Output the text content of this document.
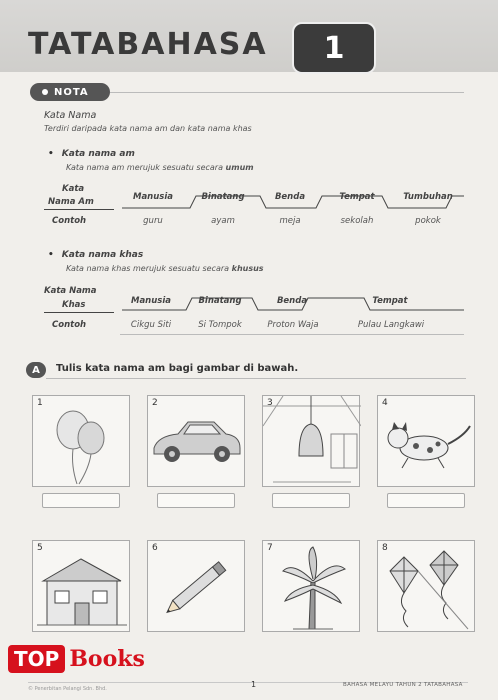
TATABAHASA	1
NOTA
Kata Nama
Terdiri daripada kata nama am dan kata nama khas
• Kata nama am
Kata nama am merujuk sesuatu secara umum
Kata
Nama Am
Contoh
Manusia	Binatang	Benda	Tempat	Tumbuhan
guru	ayam	meja	sekolah	pokok
• Kata nama khas
Kata nama khas merujuk sesuatu secara khusus
Kata Nama
Khas
Contoh
Manusia	Binatang	Benda	Tempat
Cikgu Siti	Si Tompok	Proton Waja	Pulau Langkawi
A	Tulis kata nama am bagi gambar di bawah.
1	2	3	4
5	6	7	8
© Penerbitan Pelangi Sdn. Bhd.	1	BAHASA MELAYU TAHUN 2 TATABAHASA
TOP Books
